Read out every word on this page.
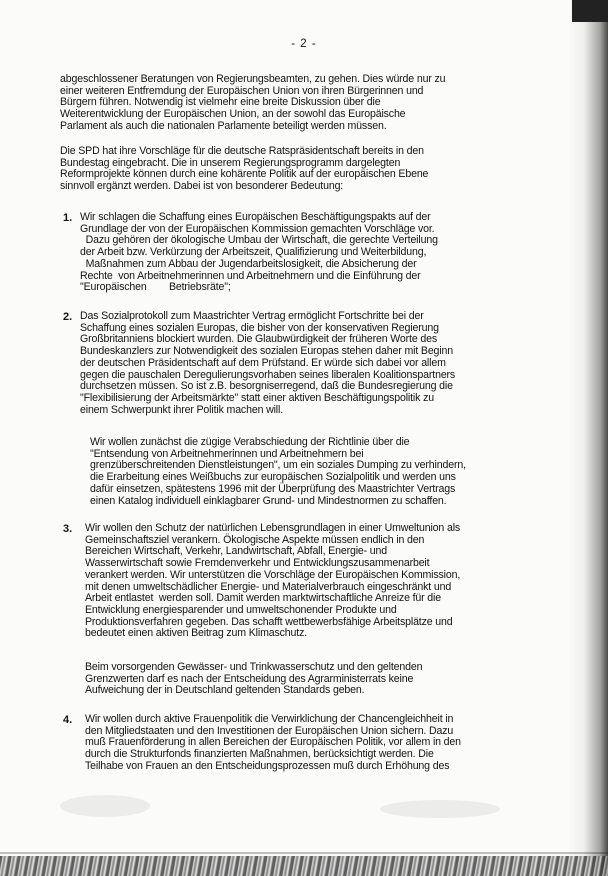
- 2 -

abgeschlossener Beratungen von Regierungsbeamten, zu gehen. Dies würde nur zu
einer weiteren Entfremdung der Europäischen Union von ihren Bürgerinnen und
Bürgern führen. Notwendig ist vielmehr eine breite Diskussion über die
Weiterentwicklung der Europäischen Union, an der sowohl das Europäische
Parlament als auch die nationalen Parlamente beteiligt werden müssen.

Die SPD hat ihre Vorschläge für die deutsche Ratspräsidentschaft bereits in den
Bundestag eingebracht. Die in unserem Regierungsprogramm dargelegten
Reformprojekte können durch eine kohärente Politik auf der europäischen Ebene
sinnvoll ergänzt werden. Dabei ist von besonderer Bedeutung:

1. Wir schlagen die Schaffung eines Europäischen Beschäftigungspakts auf der
Grundlage der von der Europäischen Kommission gemachten Vorschläge vor.
Dazu gehören der ökologische Umbau der Wirtschaft, die gerechte Verteilung
der Arbeit bzw. Verkürzung der Arbeitszeit, Qualifizierung und Weiterbildung,
Maßnahmen zum Abbau der Jugendarbeitslosigkeit, die Absicherung der
Rechte  von Arbeitnehmerinnen und Arbeitnehmern und die Einführung der
"Europäischen        Betriebsräte";

2. Das Sozialprotokoll zum Maastrichter Vertrag ermöglicht Fortschritte bei der
Schaffung eines sozialen Europas, die bisher von der konservativen Regierung
Großbritanniens blockiert wurden. Die Glaubwürdigkeit der früheren Worte des
Bundeskanzlers zur Notwendigkeit des sozialen Europas stehen daher mit Beginn
der deutschen Präsidentschaft auf dem Prüfstand. Er würde sich dabei vor allem
gegen die pauschalen Deregulierungsvorhaben seines liberalen Koalitionspartners
durchsetzen müssen. So ist z.B. besorgniserregend, daß die Bundesregierung die
"Flexibilisierung der Arbeitsmärkte" statt einer aktiven Beschäftigungspolitik zu
einem Schwerpunkt ihrer Politik machen will.

Wir wollen zunächst die zügige Verabschiedung der Richtlinie über die
"Entsendung von Arbeitnehmerinnen und Arbeitnehmern bei
grenzüberschreitenden Dienstleistungen", um ein soziales Dumping zu verhindern,
die Erarbeitung eines Weißbuchs zur europäischen Sozialpolitik und werden uns
dafür einsetzen, spätestens 1996 mit der Überprüfung des Maastrichter Vertrags
einen Katalog individuell einklagbarer Grund- und Mindestnormen zu schaffen.

3. Wir wollen den Schutz der natürlichen Lebensgrundlagen in einer Umweltunion als
Gemeinschaftsziel verankern. Ökologische Aspekte müssen endlich in den
Bereichen Wirtschaft, Verkehr, Landwirtschaft, Abfall, Energie- und
Wasserwirtschaft sowie Fremdenverkehr und Entwicklungszusammenarbeit
verankert werden. Wir unterstützen die Vorschläge der Europäischen Kommission,
mit denen umweltschädlicher Energie- und Materialverbrauch eingeschränkt und
Arbeit entlastet  werden soll. Damit werden marktwirtschaftliche Anreize für die
Entwicklung energiesparender und umweltschonender Produkte und
Produktionsverfahren gegeben. Das schafft wettbewerbsfähige Arbeitsplätze und
bedeutet einen aktiven Beitrag zum Klimaschutz.

Beim vorsorgenden Gewässer- und Trinkwasserschutz und den geltenden
Grenzwerten darf es nach der Entscheidung des Agrarministerrats keine
Aufweichung der in Deutschland geltenden Standards geben.

4. Wir wollen durch aktive Frauenpolitik die Verwirklichung der Chancengleichheit in
den Mitgliedstaaten und den Investitionen der Europäischen Union sichern. Dazu
muß Frauenförderung in allen Bereichen der Europäischen Politik, vor allem in den
durch die Strukturfonds finanzierten Maßnahmen, berücksichtigt werden. Die
Teilhabe von Frauen an den Entscheidungsprozessen muß durch Erhöhung des
